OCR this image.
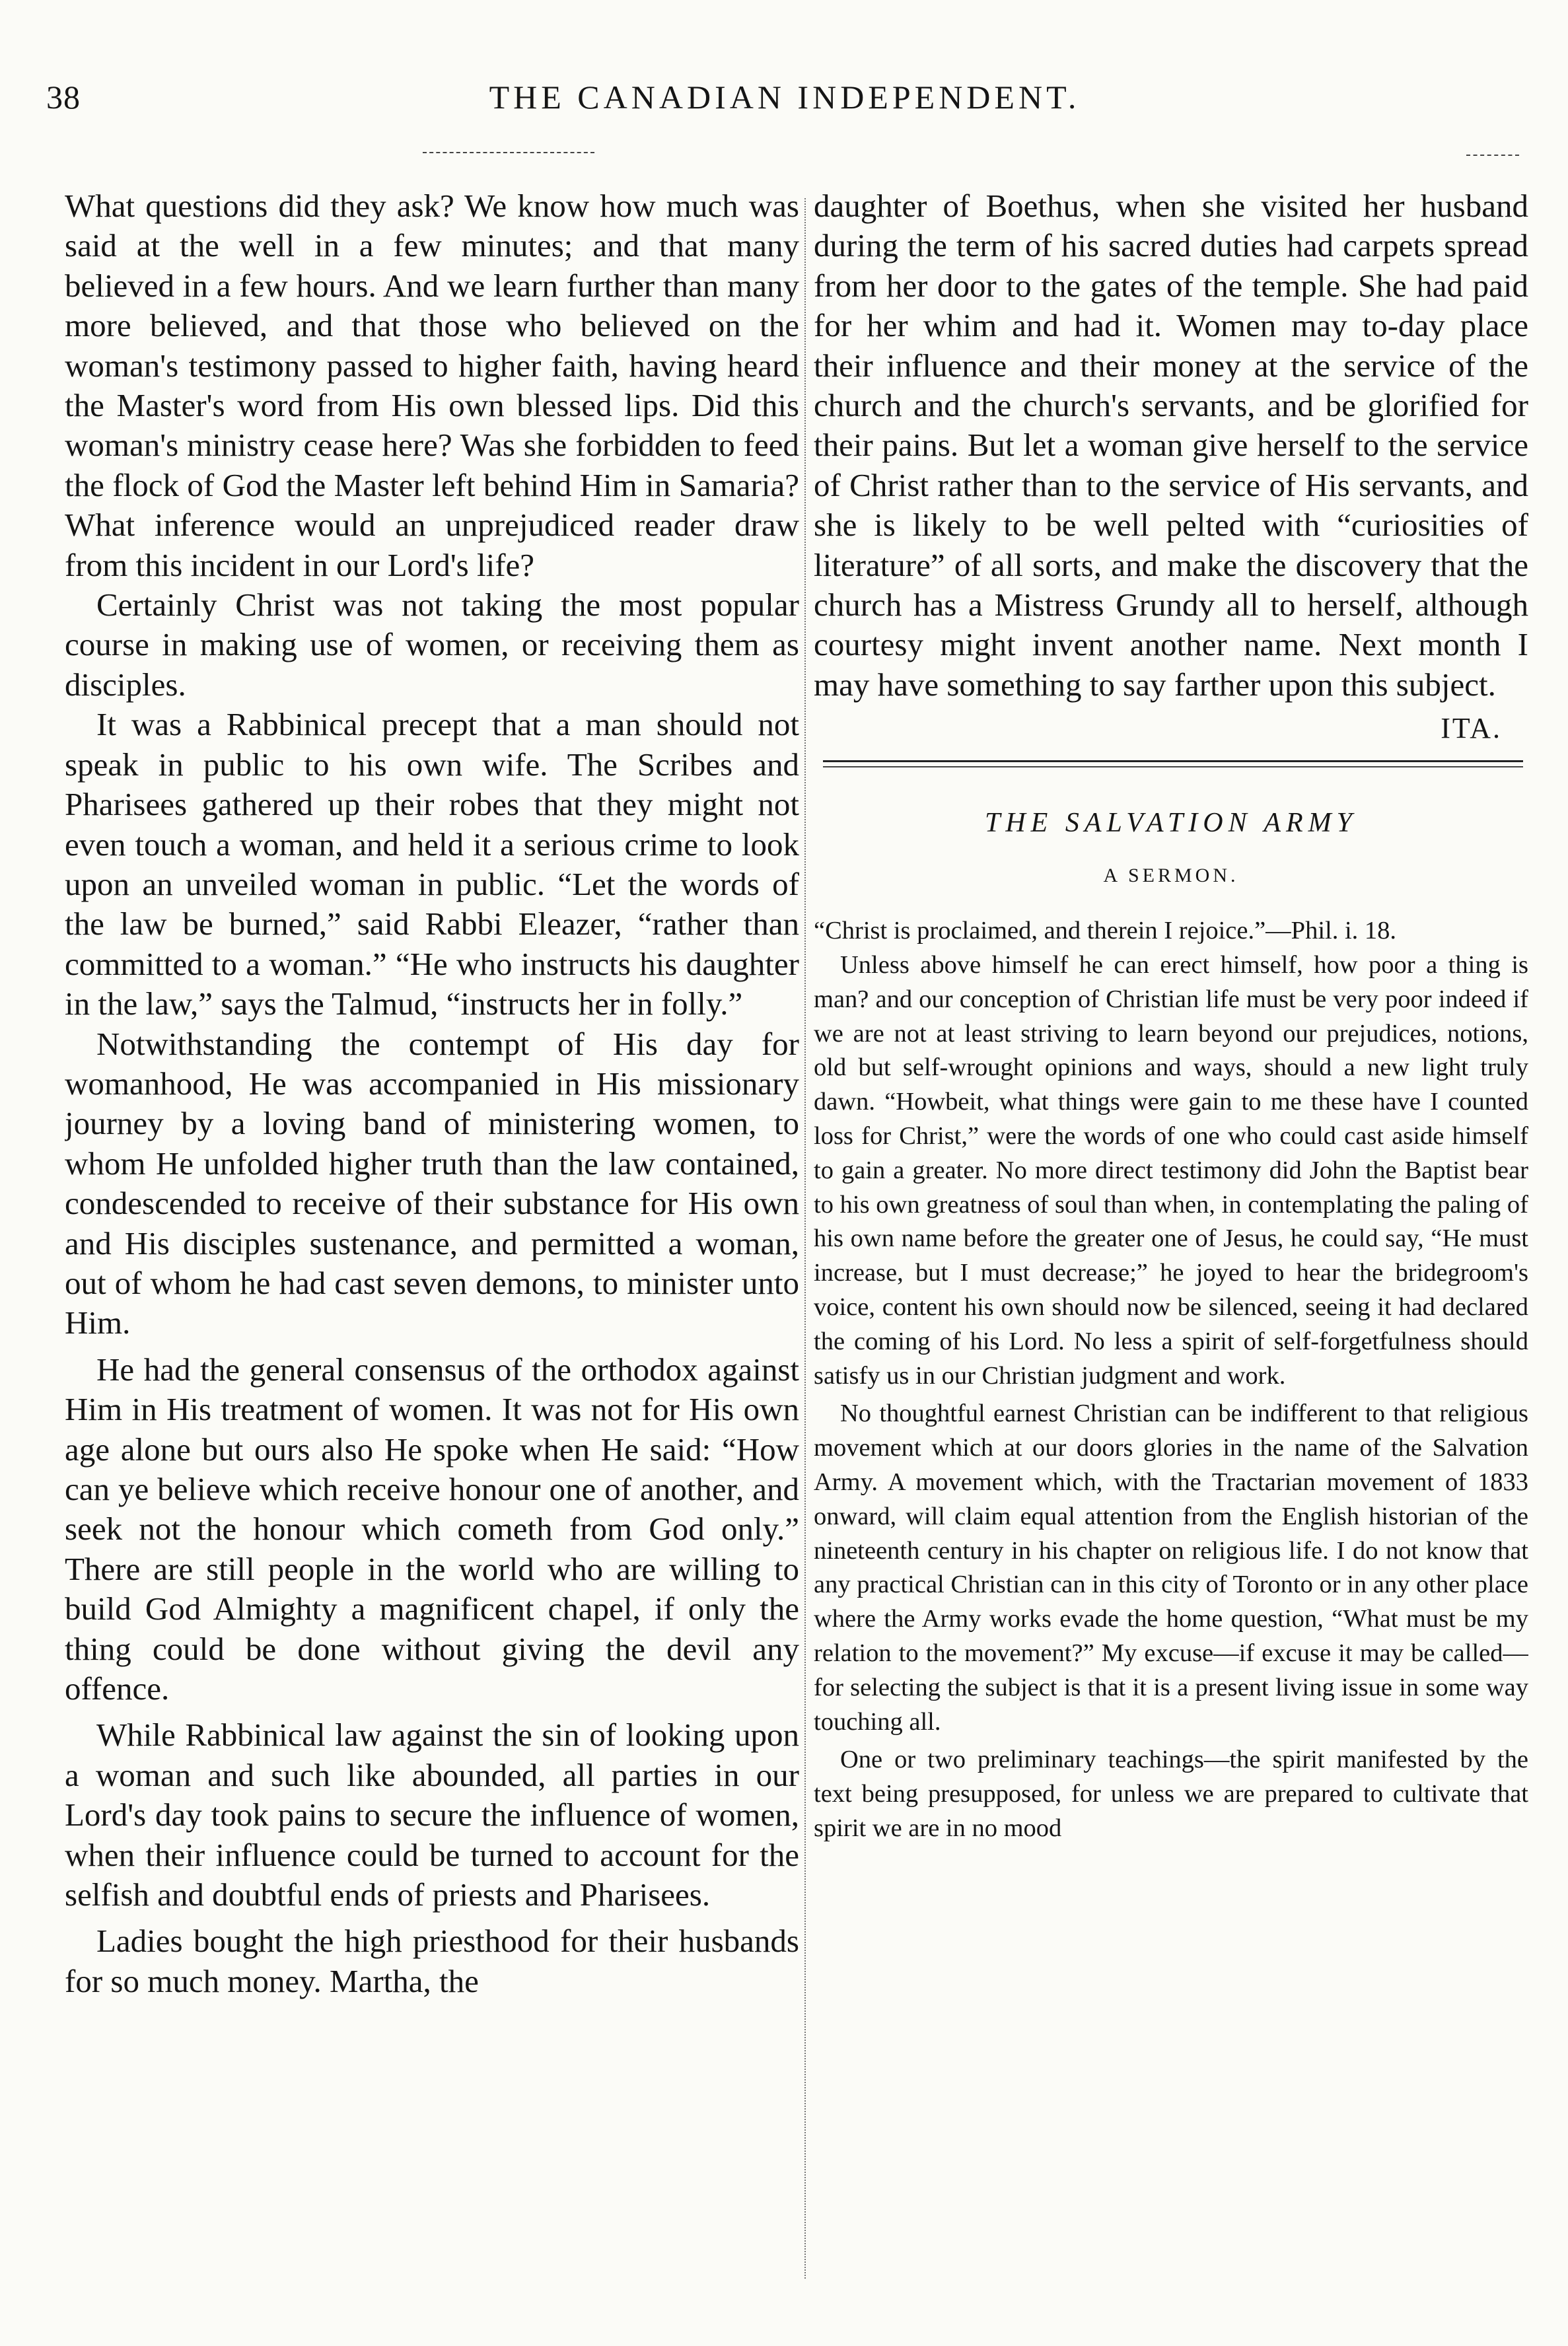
38	THE CANADIAN INDEPENDENT.

What questions did they ask? We know how much was said at the well in a few minutes; and that many believed in a few hours. And we learn further than many more believed, and that those who believed on the woman's testimony passed to higher faith, having heard the Master's word from His own blessed lips. Did this woman's ministry cease here? Was she forbidden to feed the flock of God the Master left behind Him in Samaria? What inference would an unprejudiced reader draw from this incident in our Lord's life?

Certainly Christ was not taking the most popular course in making use of women, or receiving them as disciples.

It was a Rabbinical precept that a man should not speak in public to his own wife. The Scribes and Pharisees gathered up their robes that they might not even touch a woman, and held it a serious crime to look upon an unveiled woman in public. “Let the words of the law be burned,” said Rabbi Eleazer, “rather than committed to a woman.” “He who instructs his daughter in the law,” says the Talmud, “instructs her in folly.”

Notwithstanding the contempt of His day for womanhood, He was accompanied in His missionary journey by a loving band of ministering women, to whom He unfolded higher truth than the law contained, condescended to receive of their substance for His own and His disciples sustenance, and permitted a woman, out of whom he had cast seven demons, to minister unto Him.

He had the general consensus of the orthodox against Him in His treatment of women. It was not for His own age alone but ours also He spoke when He said: “How can ye believe which receive honour one of another, and seek not the honour which cometh from God only.” There are still people in the world who are willing to build God Almighty a magnificent chapel, if only the thing could be done without giving the devil any offence.

While Rabbinical law against the sin of looking upon a woman and such like abounded, all parties in our Lord's day took pains to secure the influence of women, when their influence could be turned to account for the selfish and doubtful ends of priests and Pharisees.

Ladies bought the high priesthood for their husbands for so much money. Martha, the

daughter of Boethus, when she visited her husband during the term of his sacred duties had carpets spread from her door to the gates of the temple. She had paid for her whim and had it. Women may to-day place their influence and their money at the service of the church and the church's servants, and be glorified for their pains. But let a woman give herself to the service of Christ rather than to the service of His servants, and she is likely to be well pelted with “curiosities of literature” of all sorts, and make the discovery that the church has a Mistress Grundy all to herself, although courtesy might invent another name. Next month I may have something to say farther upon this subject.

ITA.
THE SALVATION ARMY
A SERMON.

“Christ is proclaimed, and therein I rejoice.”—Phil. i. 18.

Unless above himself he can erect himself, how poor a thing is man? and our conception of Christian life must be very poor indeed if we are not at least striving to learn beyond our prejudices, notions, old but self-wrought opinions and ways, should a new light truly dawn. “Howbeit, what things were gain to me these have I counted loss for Christ,” were the words of one who could cast aside himself to gain a greater. No more direct testimony did John the Baptist bear to his own greatness of soul than when, in contemplating the paling of his own name before the greater one of Jesus, he could say, “He must increase, but I must decrease;” he joyed to hear the bridegroom's voice, content his own should now be silenced, seeing it had declared the coming of his Lord. No less a spirit of self-forgetfulness should satisfy us in our Christian judgment and work.

No thoughtful earnest Christian can be indifferent to that religious movement which at our doors glories in the name of the Salvation Army. A movement which, with the Tractarian movement of 1833 onward, will claim equal attention from the English historian of the nineteenth century in his chapter on religious life. I do not know that any practical Christian can in this city of Toronto or in any other place where the Army works evade the home question, “What must be my relation to the movement?” My excuse—if excuse it may be called—for selecting the subject is that it is a present living issue in some way touching all.

One or two preliminary teachings—the spirit manifested by the text being presupposed, for unless we are prepared to cultivate that spirit we are in no mood
